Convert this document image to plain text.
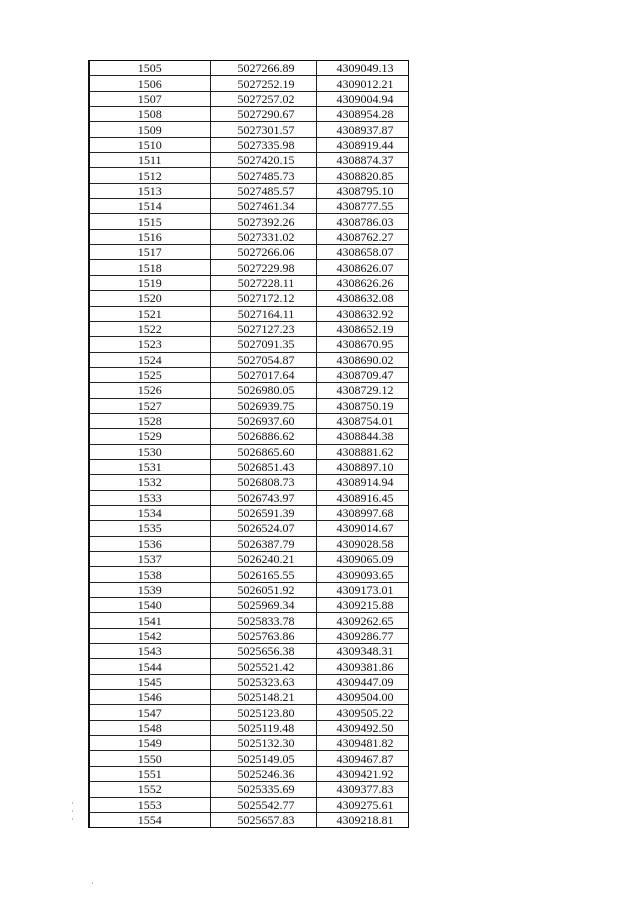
1505	5027266.89	4309049.13
1506	5027252.19	4309012.21
1507	5027257.02	4309004.94
1508	5027290.67	4308954.28
1509	5027301.57	4308937.87
1510	5027335.98	4308919.44
1511	5027420.15	4308874.37
1512	5027485.73	4308820.85
1513	5027485.57	4308795.10
1514	5027461.34	4308777.55
1515	5027392.26	4308786.03
1516	5027331.02	4308762.27
1517	5027266.06	4308658.07
1518	5027229.98	4308626.07
1519	5027228.11	4308626.26
1520	5027172.12	4308632.08
1521	5027164.11	4308632.92
1522	5027127.23	4308652.19
1523	5027091.35	4308670.95
1524	5027054.87	4308690.02
1525	5027017.64	4308709.47
1526	5026980.05	4308729.12
1527	5026939.75	4308750.19
1528	5026937.60	4308754.01
1529	5026886.62	4308844.38
1530	5026865.60	4308881.62
1531	5026851.43	4308897.10
1532	5026808.73	4308914.94
1533	5026743.97	4308916.45
1534	5026591.39	4308997.68
1535	5026524.07	4309014.67
1536	5026387.79	4309028.58
1537	5026240.21	4309065.09
1538	5026165.55	4309093.65
1539	5026051.92	4309173.01
1540	5025969.34	4309215.88
1541	5025833.78	4309262.65
1542	5025763.86	4309286.77
1543	5025656.38	4309348.31
1544	5025521.42	4309381.86
1545	5025323.63	4309447.09
1546	5025148.21	4309504.00
1547	5025123.80	4309505.22
1548	5025119.48	4309492.50
1549	5025132.30	4309481.82
1550	5025149.05	4309467.87
1551	5025246.36	4309421.92
1552	5025335.69	4309377.83
1553	5025542.77	4309275.61
1554	5025657.83	4309218.81
